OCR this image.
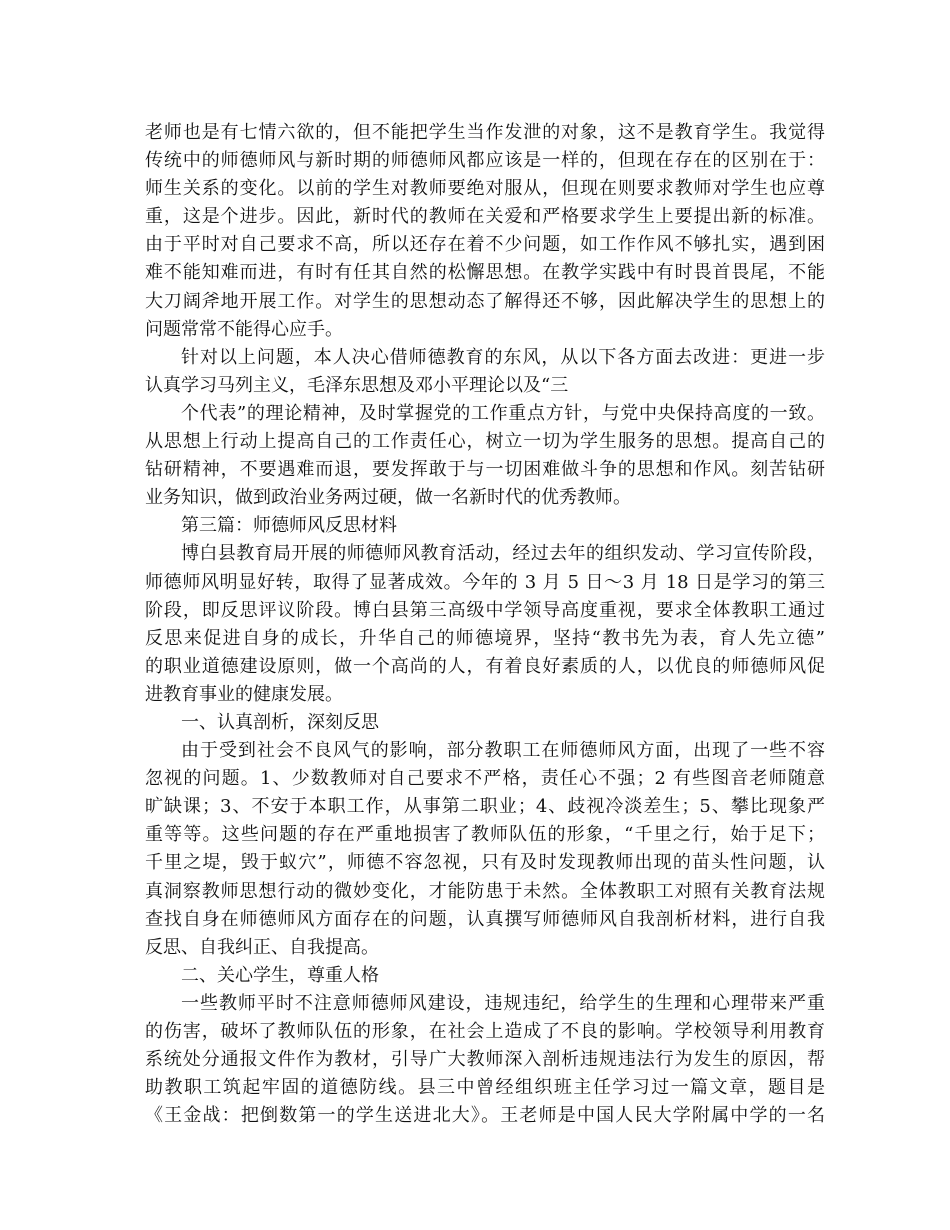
老师也是有七情六欲的，但不能把学生当作发泄的对象，这不是教育学生。我觉得
传统中的师德师风与新时期的师德师风都应该是一样的，但现在存在的区别在于：
师生关系的变化。以前的学生对教师要绝对服从，但现在则要求教师对学生也应尊
重，这是个进步。因此，新时代的教师在关爱和严格要求学生上要提出新的标准。
由于平时对自己要求不高，所以还存在着不少问题，如工作作风不够扎实，遇到困
难不能知难而进，有时有任其自然的松懈思想。在教学实践中有时畏首畏尾，不能
大刀阔斧地开展工作。对学生的思想动态了解得还不够，因此解决学生的思想上的
问题常常不能得心应手。
针对以上问题，本人决心借师德教育的东风，从以下各方面去改进：更进一步
认真学习马列主义，毛泽东思想及邓小平理论以及“三
个代表”的理论精神，及时掌握党的工作重点方针，与党中央保持高度的一致。
从思想上行动上提高自己的工作责任心，树立一切为学生服务的思想。提高自己的
钻研精神，不要遇难而退，要发挥敢于与一切困难做斗争的思想和作风。刻苦钻研
业务知识，做到政治业务两过硬，做一名新时代的优秀教师。
第三篇：师德师风反思材料
博白县教育局开展的师德师风教育活动，经过去年的组织发动、学习宣传阶段，
师德师风明显好转，取得了显著成效。今年的 3 月 5 日～3 月 18 日是学习的第三
阶段，即反思评议阶段。博白县第三高级中学领导高度重视，要求全体教职工通过
反思来促进自身的成长，升华自己的师德境界，坚持“教书先为表，育人先立德”
的职业道德建设原则，做一个高尚的人，有着良好素质的人，以优良的师德师风促
进教育事业的健康发展。
一、认真剖析，深刻反思
由于受到社会不良风气的影响，部分教职工在师德师风方面，出现了一些不容
忽视的问题。1、少数教师对自己要求不严格，责任心不强；2 有些图音老师随意
旷缺课；3、不安于本职工作，从事第二职业；4、歧视冷淡差生；5、攀比现象严
重等等。这些问题的存在严重地损害了教师队伍的形象，“千里之行，始于足下；
千里之堤，毁于蚁穴”，师德不容忽视，只有及时发现教师出现的苗头性问题，认
真洞察教师思想行动的微妙变化，才能防患于未然。全体教职工对照有关教育法规
查找自身在师德师风方面存在的问题，认真撰写师德师风自我剖析材料，进行自我
反思、自我纠正、自我提高。
二、关心学生，尊重人格
一些教师平时不注意师德师风建设，违规违纪，给学生的生理和心理带来严重
的伤害，破坏了教师队伍的形象，在社会上造成了不良的影响。学校领导利用教育
系统处分通报文件作为教材，引导广大教师深入剖析违规违法行为发生的原因，帮
助教职工筑起牢固的道德防线。县三中曾经组织班主任学习过一篇文章，题目是
《王金战：把倒数第一的学生送进北大》。王老师是中国人民大学附属中学的一名
